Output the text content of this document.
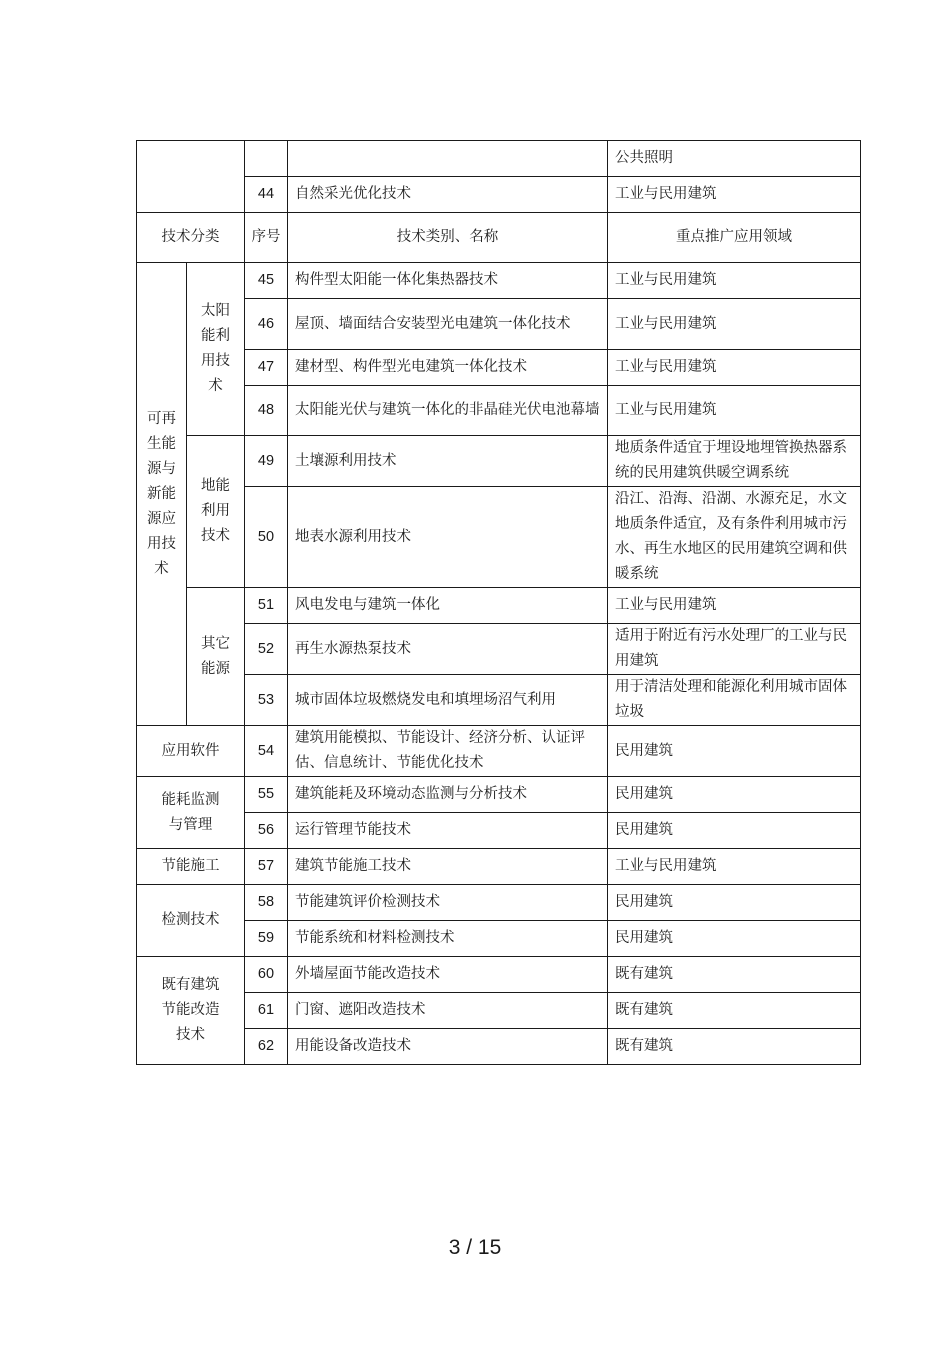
				公共照明
		44	自然采光优化技术	工业与民用建筑
技术分类		序号	技术类别、名称	重点推广应用领域
可再生能源与新能源应用技术	太阳能利用技术	45	构件型太阳能一体化集热器技术	工业与民用建筑
		46	屋顶、墙面结合安装型光电建筑一体化技术	工业与民用建筑
		47	建材型、构件型光电建筑一体化技术	工业与民用建筑
		48	太阳能光伏与建筑一体化的非晶硅光伏电池幕墙	工业与民用建筑
	地能利用技术	49	土壤源利用技术	地质条件适宜于埋设地埋管换热器系统的民用建筑供暖空调系统
		50	地表水源利用技术	沿江、沿海、沿湖、水源充足，水文地质条件适宜，及有条件利用城市污水、再生水地区的民用建筑空调和供暖系统
	其它能源	51	风电发电与建筑一体化	工业与民用建筑
		52	再生水源热泵技术	适用于附近有污水处理厂的工业与民用建筑
		53	城市固体垃圾燃烧发电和填埋场沼气利用	用于清洁处理和能源化利用城市固体垃圾
应用软件		54	建筑用能模拟、节能设计、经济分析、认证评估、信息统计、节能优化技术	民用建筑
能耗监测与管理		55	建筑能耗及环境动态监测与分析技术	民用建筑
		56	运行管理节能技术	民用建筑
节能施工		57	建筑节能施工技术	工业与民用建筑
检测技术		58	节能建筑评价检测技术	民用建筑
		59	节能系统和材料检测技术	民用建筑
既有建筑节能改造技术		60	外墙屋面节能改造技术	既有建筑
		61	门窗、遮阳改造技术	既有建筑
		62	用能设备改造技术	既有建筑
3 / 15
